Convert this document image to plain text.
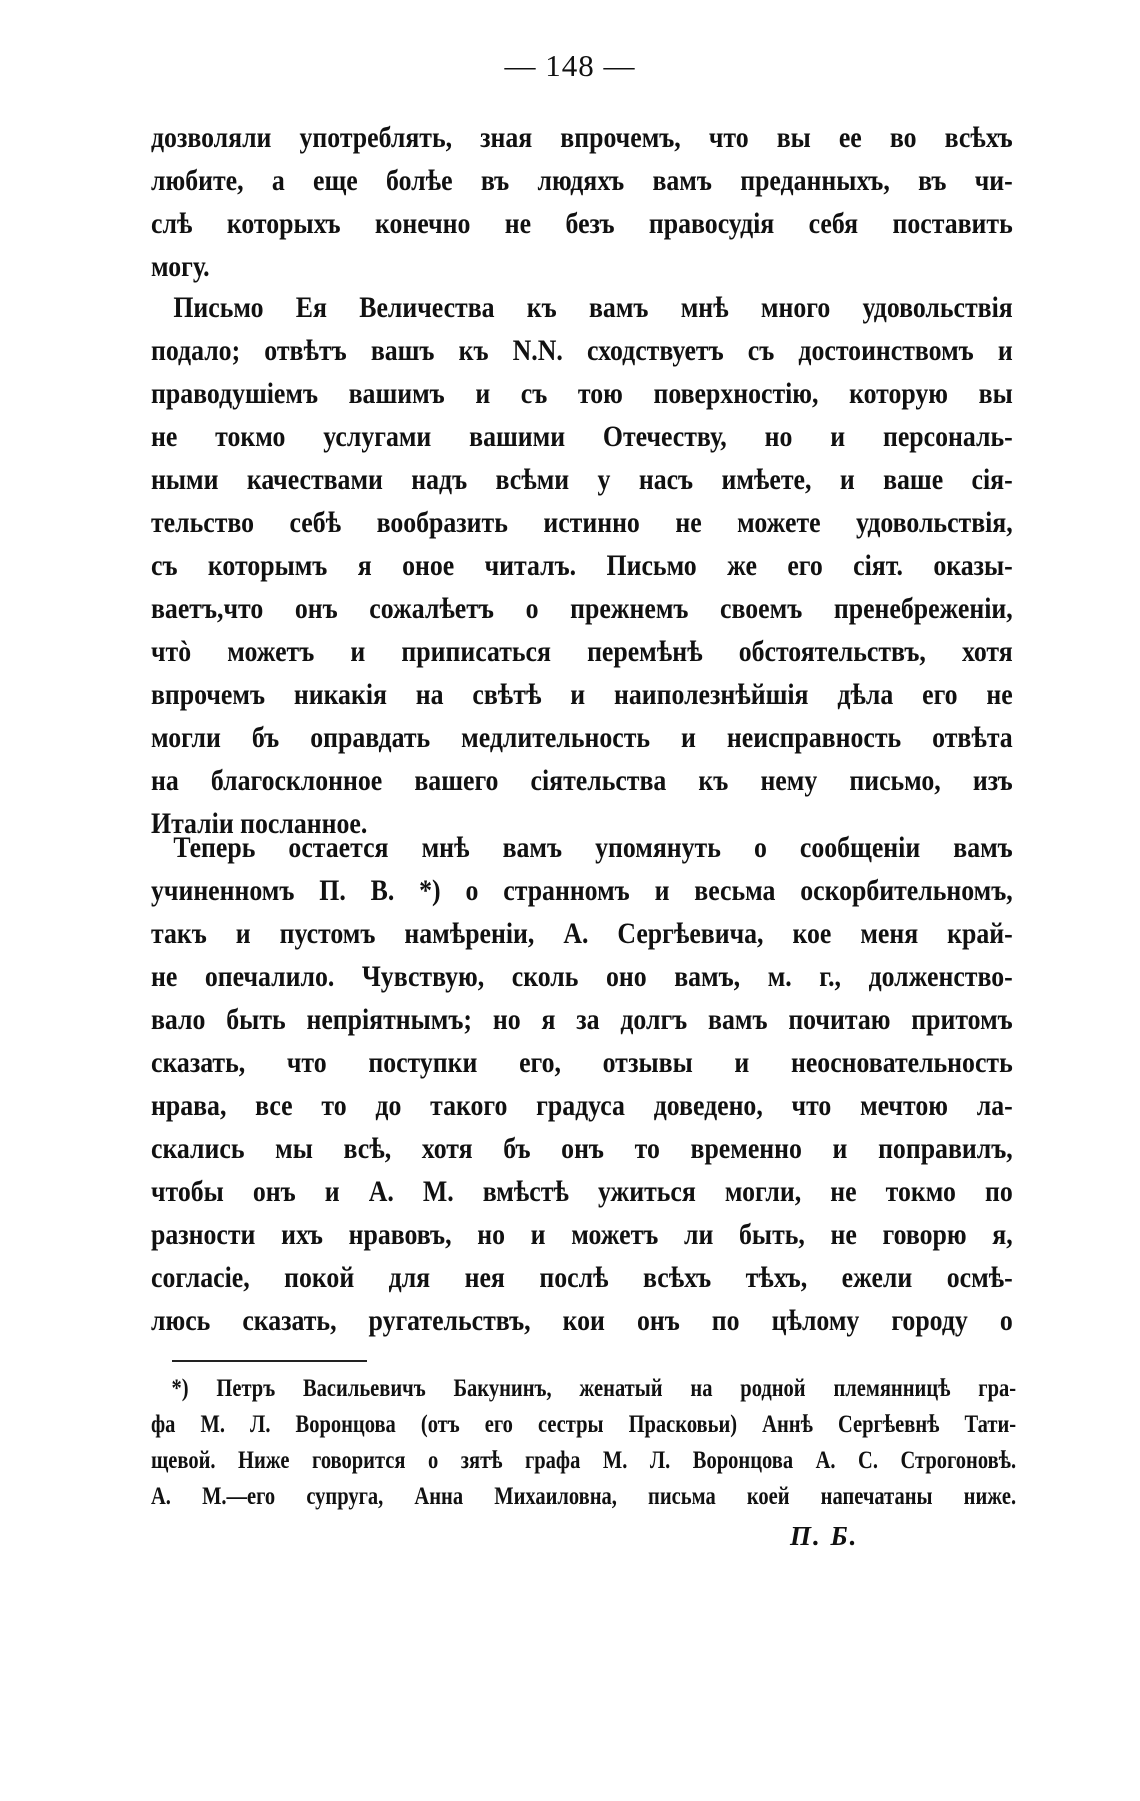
— 148 —

дозволяли употреблять, зная впрочемъ, что вы ее во всѣхъ
любите, а еще болѣе въ людяхъ вамъ преданныхъ, въ чи-
слѣ которыхъ конечно не безъ правосудія себя поставить
могу.
Письмо Ея Величества къ вамъ мнѣ много удовольствія
подало; отвѣтъ вашъ къ N.N. сходствуетъ съ достоинствомъ и
праводушіемъ вашимъ и съ тою поверхностію, которую вы
не токмо услугами вашими Отечеству, но и персональ-
ными качествами надъ всѣми у насъ имѣете, и ваше сія-
тельство себѣ вообразить истинно не можете удовольствія,
съ которымъ я оное читалъ. Письмо же его сіят. оказы-
ваетъ,что онъ сожалѣетъ о прежнемъ своемъ пренебреженіи,
чтò можетъ и приписаться перемѣнѣ обстоятельствъ, хотя
впрочемъ никакія на свѣтѣ и наиполезнѣйшія дѣла его не
могли бъ оправдать медлительность и неисправность отвѣта
на благосклонное вашего сіятельства къ нему письмо, изъ
Италіи посланное.
Теперь остается мнѣ вамъ упомянуть о сообщеніи вамъ
учиненномъ П. В. *) о странномъ и весьма оскорбительномъ,
такъ и пустомъ намѣреніи, А. Сергѣевича, кое меня край-
не опечалило. Чувствую, сколь оно вамъ, м. г., долженство-
вало быть непріятнымъ; но я за долгъ вамъ почитаю притомъ
сказать, что поступки его, отзывы и неосновательность
нрава, все то до такого градуса доведено, что мечтою ла-
скались мы всѣ, хотя бъ онъ то временно и поправилъ,
чтобы онъ и А. М. вмѣстѣ ужиться могли, не токмо по
разности ихъ нравовъ, но и можетъ ли быть, не говорю я,
согласіе, покой для нея послѣ всѣхъ тѣхъ, ежели осмѣ-
люсь сказать, ругательствъ, кои онъ по цѣлому городу о
*) Петръ Васильевичъ Бакунинъ, женатый на родной племянницѣ гра-
фа М. Л. Воронцова (отъ его сестры Прасковьи) Аннѣ Сергѣевнѣ Тати-
щевой. Ниже говорится о зятѣ графа М. Л. Воронцова А. С. Строгоновѣ.
А. М.—его супруга, Анна Михаиловна, письма коей напечатаны ниже.

П. Б.
